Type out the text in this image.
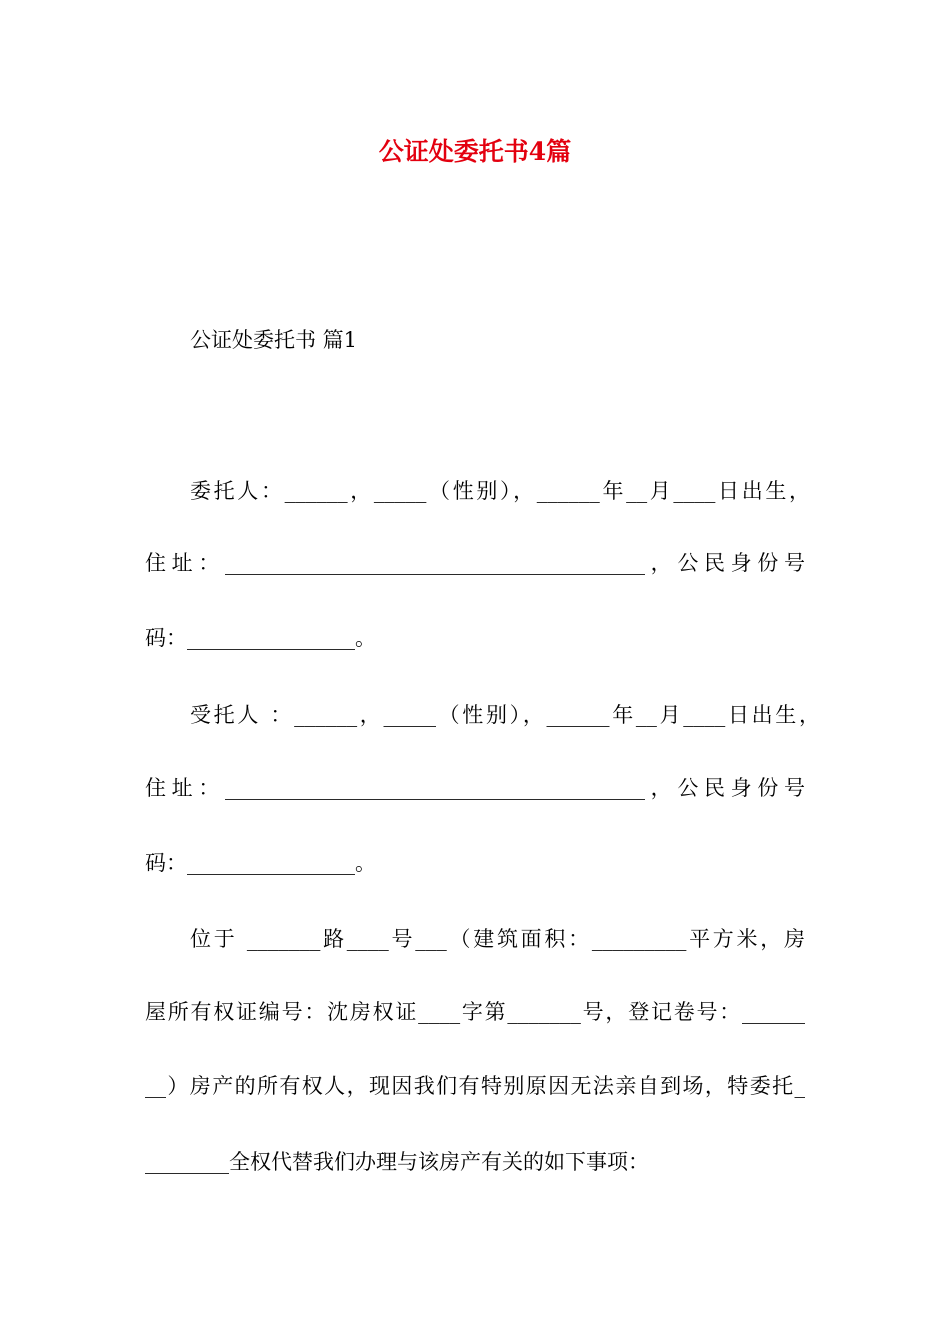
公证处委托书4篇
公证处委托书 篇1
委托人：______，_____（性别），______年__月____日出生，
住址：________________________________________，公民身份号
码：________________。
受托人 ：______，_____（性别），______年__月____日出生，
住址：________________________________________，公民身份号
码：________________。
位于 _______路____号___（建筑面积：_________平方米，房
屋所有权证编号：沈房权证____字第_______号，登记卷号：______
__）房产的所有权人，现因我们有特别原因无法亲自到场，特委托_
________全权代替我们办理与该房产有关的如下事项：
